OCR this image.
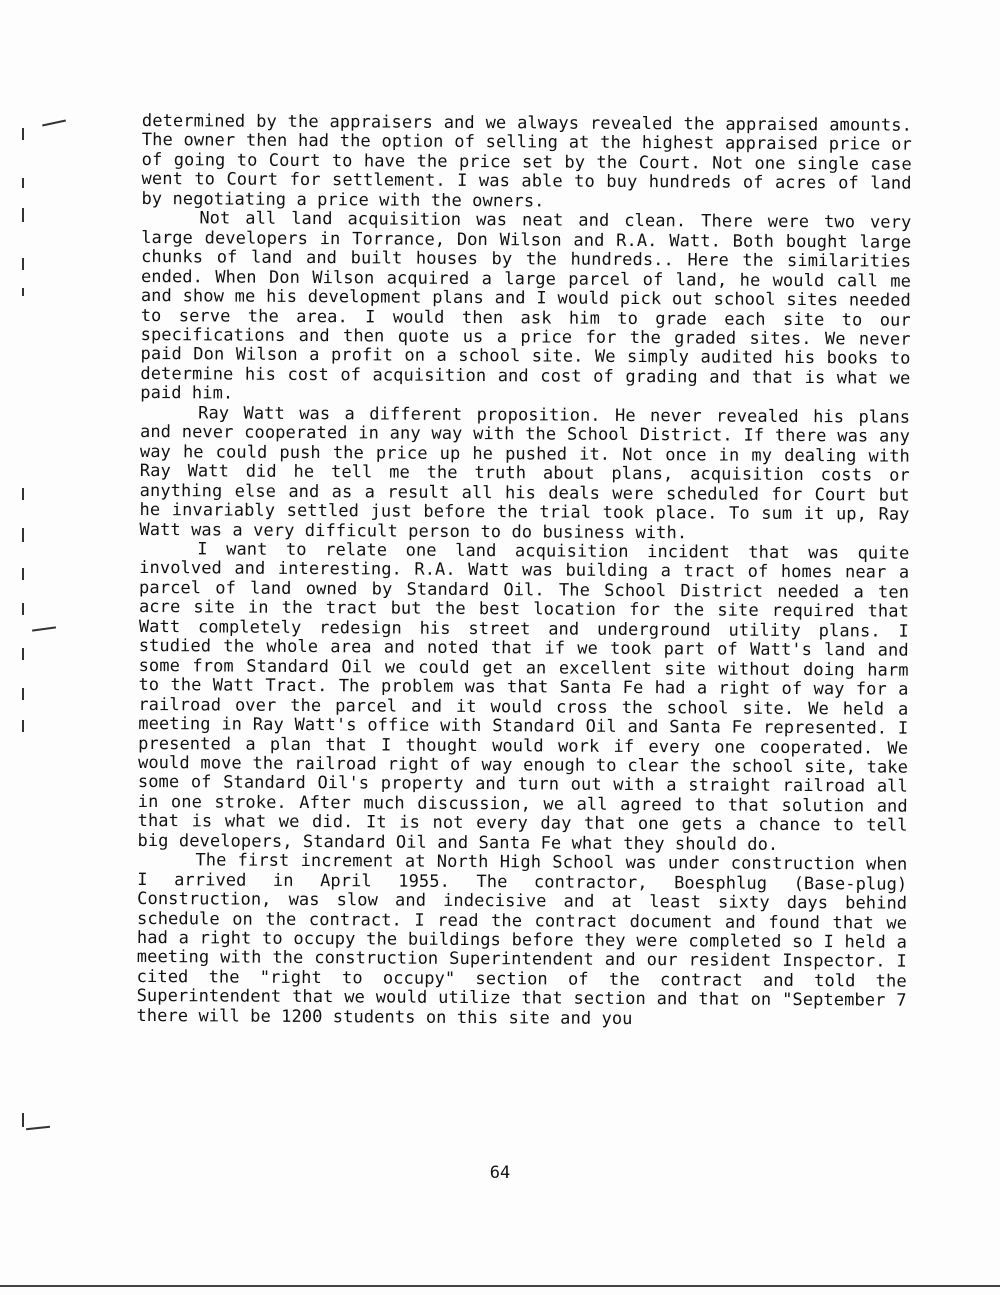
determined by the appraisers and we always revealed the appraised amounts. The owner then had the option of selling at the highest appraised price or of going to Court to have the price set by the Court. Not one single case went to Court for settlement. I was able to buy hundreds of acres of land by negotiating a price with the owners.

Not all land acquisition was neat and clean. There were two very large developers in Torrance, Don Wilson and R.A. Watt. Both bought large chunks of land and built houses by the hundreds.. Here the similarities ended. When Don Wilson acquired a large parcel of land, he would call me and show me his development plans and I would pick out school sites needed to serve the area. I would then ask him to grade each site to our specifications and then quote us a price for the graded sites. We never paid Don Wilson a profit on a school site. We simply audited his books to determine his cost of acquisition and cost of grading and that is what we paid him.

Ray Watt was a different proposition. He never revealed his plans and never cooperated in any way with the School District. If there was any way he could push the price up he pushed it. Not once in my dealing with Ray Watt did he tell me the truth about plans, acquisition costs or anything else and as a result all his deals were scheduled for Court but he invariably settled just before the trial took place. To sum it up, Ray Watt was a very difficult person to do business with.

I want to relate one land acquisition incident that was quite involved and interesting. R.A. Watt was building a tract of homes near a parcel of land owned by Standard Oil. The School District needed a ten acre site in the tract but the best location for the site required that Watt completely redesign his street and underground utility plans. I studied the whole area and noted that if we took part of Watt's land and some from Standard Oil we could get an excellent site without doing harm to the Watt Tract. The problem was that Santa Fe had a right of way for a railroad over the parcel and it would cross the school site. We held a meeting in Ray Watt's office with Standard Oil and Santa Fe represented. I presented a plan that I thought would work if every one cooperated. We would move the railroad right of way enough to clear the school site, take some of Standard Oil's property and turn out with a straight railroad all in one stroke. After much discussion, we all agreed to that solution and that is what we did. It is not every day that one gets a chance to tell big developers, Standard Oil and Santa Fe what they should do.

The first increment at North High School was under construction when I arrived in April 1955. The contractor, Boesphlug (Base-plug) Construction, was slow and indecisive and at least sixty days behind schedule on the contract. I read the contract document and found that we had a right to occupy the buildings before they were completed so I held a meeting with the construction Superintendent and our resident Inspector. I cited the "right to occupy" section of the contract and told the Superintendent that we would utilize that section and that on "September 7 there will be 1200 students on this site and you

64
